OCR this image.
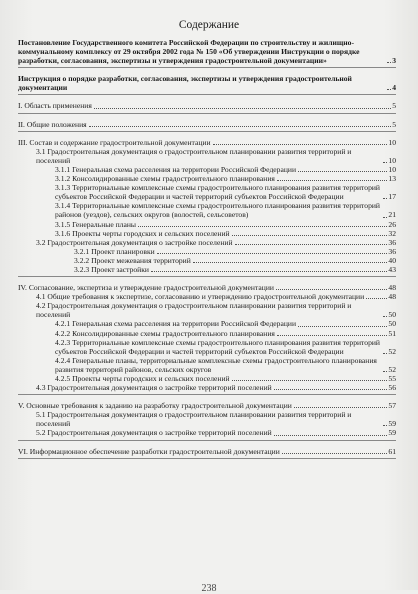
Содержание
Постановление Государственного комитета Российской Федерации по строительству и жилищно-коммунальному комплексу от 29 октября 2002 года № 150 «Об утверждении Инструкции о порядке разработки, согласования, экспертизы и утверждения градостроительной документации»	3
Инструкция о порядке разработки, согласования, экспертизы и утверждения градостроительной документации	4
I. Область применения	5
II. Общие положения	5
III. Состав и содержание градостроительной документации	10
3.1 Градостроительная документация о градостроительном планировании развития территорий и поселений	10
3.1.1 Генеральная схема расселения на территории Российской Федерации	10
3.1.2 Консолидированные схемы градостроительного планирования	13
3.1.3 Территориальные комплексные схемы градостроительного планирования развития территорий субъектов Российской Федерации и частей территорий субъектов Российской Федерации	17
3.1.4 Территориальные комплексные схемы градостроительного планирования развития территорий районов (уездов), сельских округов (волостей, сельсоветов)	21
3.1.5 Генеральные планы	26
3.1.6 Проекты черты городских и сельских поселений	32
3.2 Градостроительная документация о застройке поселений	36
3.2.1 Проект планировки	36
3.2.2 Проект межевания территорий	40
3.2.3 Проект застройки	43
IV. Согласование, экспертиза и утверждение градостроительной документации	48
4.1 Общие требования к экспертизе, согласованию и утверждению градостроительной документации	48
4.2 Градостроительная документация о градостроительном планировании развития территорий и поселений	50
4.2.1 Генеральная схема расселения на территории Российской Федерации	50
4.2.2 Консолидированные схемы градостроительного планирования	51
4.2.3 Территориальные комплексные схемы градостроительного планирования развития территорий субъектов Российской Федерации и частей территорий субъектов Российской Федерации	52
4.2.4 Генеральные планы, территориальные комплексные схемы градостроительного планирования развития территорий районов, сельских округов	52
4.2.5 Проекты черты городских и сельских поселений	55
4.3 Градостроительная документация о застройке территорий поселений	56
V. Основные требования к заданию на разработку градостроительной документации	57
5.1 Градостроительная документация о градостроительном планировании развития территорий и поселений	59
5.2 Градостроительная документация о застройке территорий поселений	59
VI. Информационное обеспечение разработки градостроительной документации	61
238
